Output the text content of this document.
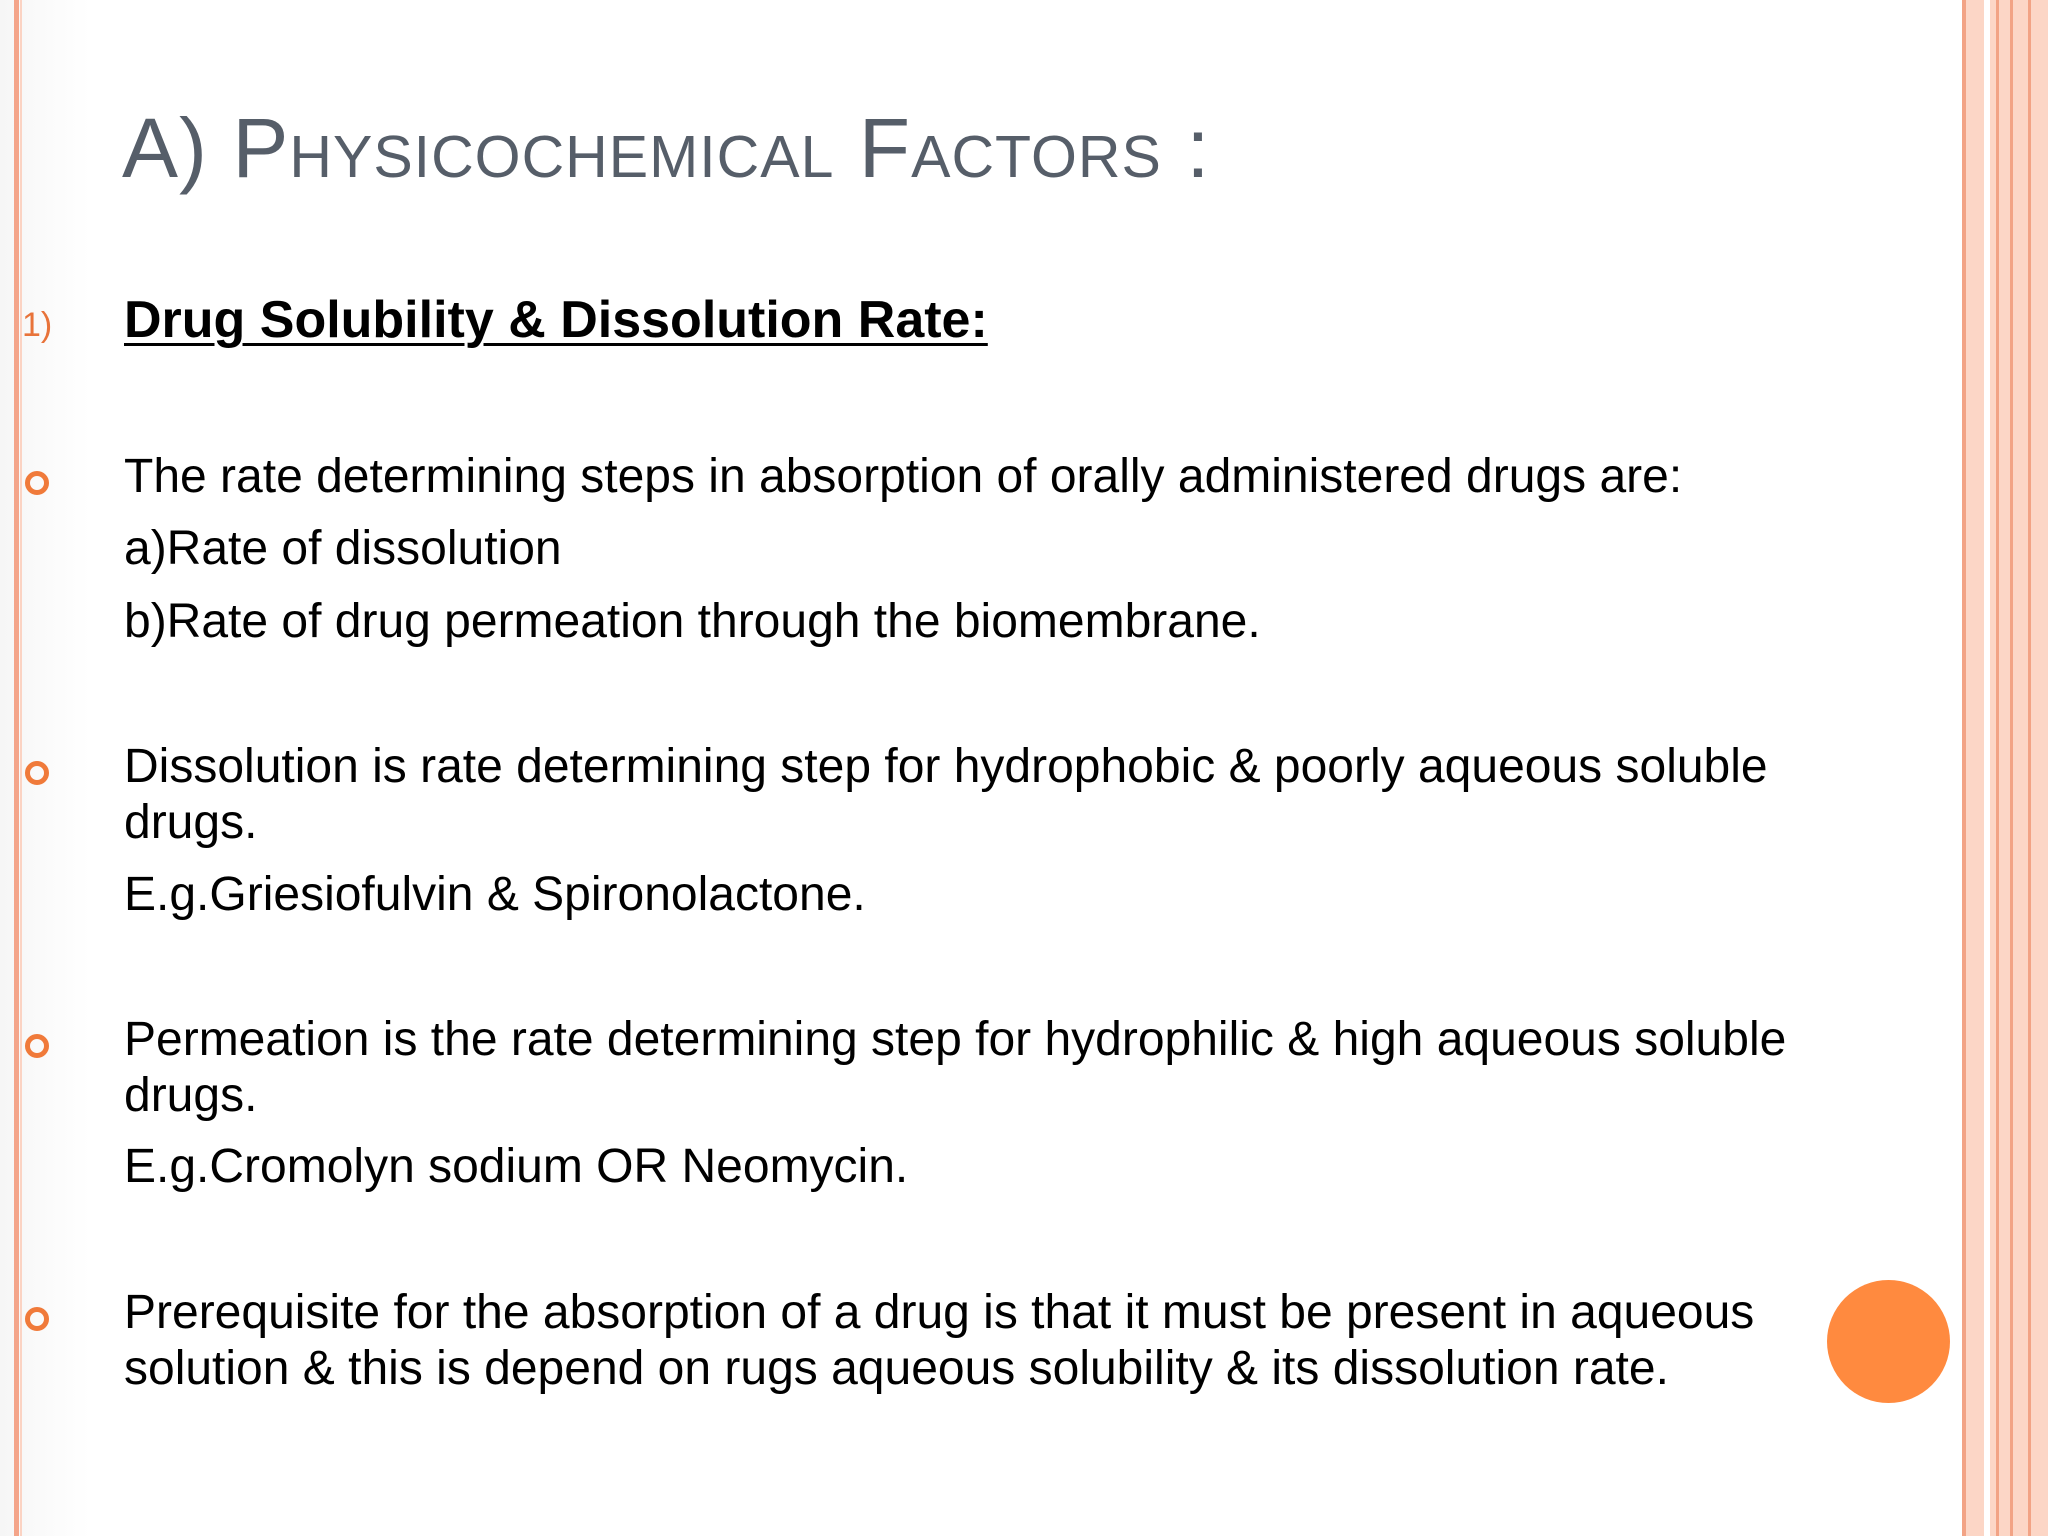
A) Physicochemical Factors :
1) Drug Solubility & Dissolution Rate:
The rate determining steps in absorption of orally administered drugs are:
a)Rate of dissolution
b)Rate of drug permeation through the biomembrane.
Dissolution is rate determining step for hydrophobic & poorly aqueous soluble
drugs.
E.g.Griesiofulvin & Spironolactone.
Permeation is the rate determining step for hydrophilic & high aqueous soluble
drugs.
E.g.Cromolyn sodium OR Neomycin.
Prerequisite for the absorption of a drug is that it must be present in aqueous
solution & this is depend on rugs aqueous solubility & its dissolution rate.
